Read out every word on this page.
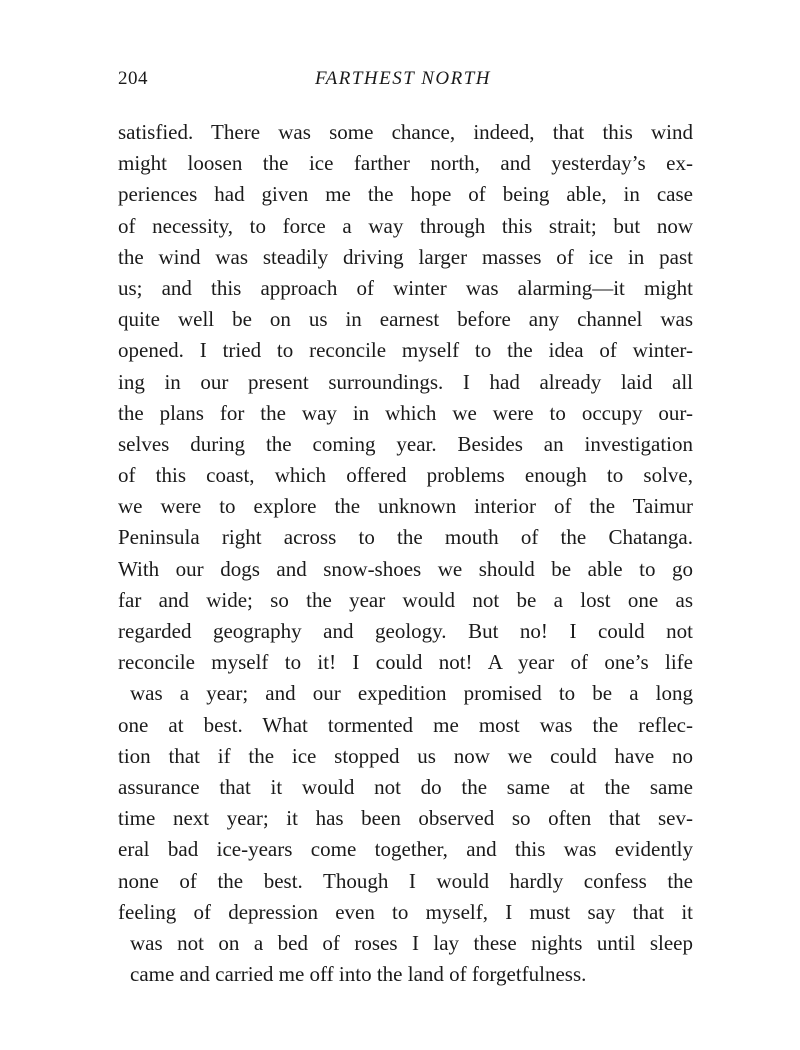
204	FARTHEST NORTH
satisfied. There was some chance, indeed, that this wind
might loosen the ice farther north, and yesterday’s ex-
periences had given me the hope of being able, in case
of necessity, to force a way through this strait; but now
the wind was steadily driving larger masses of ice in past
us; and this approach of winter was alarming—it might
quite well be on us in earnest before any channel was
opened. I tried to reconcile myself to the idea of winter-
ing in our present surroundings. I had already laid all
the plans for the way in which we were to occupy our-
selves during the coming year. Besides an investigation
of this coast, which offered problems enough to solve,
we were to explore the unknown interior of the Taimur
Peninsula right across to the mouth of the Chatanga.
With our dogs and snow-shoes we should be able to go
far and wide; so the year would not be a lost one as
regarded geography and geology. But no! I could not
reconcile myself to it! I could not! A year of one’s life
was a year; and our expedition promised to be a long
one at best. What tormented me most was the reflec-
tion that if the ice stopped us now we could have no
assurance that it would not do the same at the same
time next year; it has been observed so often that sev-
eral bad ice-years come together, and this was evidently
none of the best. Though I would hardly confess the
feeling of depression even to myself, I must say that it
was not on a bed of roses I lay these nights until sleep
came and carried me off into the land of forgetfulness.
